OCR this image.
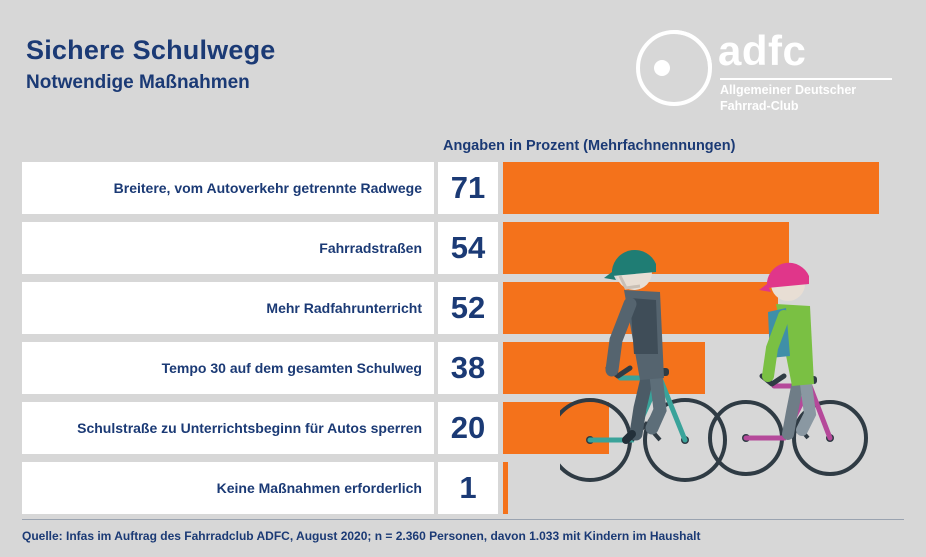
Sichere Schulwege
Notwendige Maßnahmen
adfc
Allgemeiner Deutscher Fahrrad-Club
Angaben in Prozent (Mehrfachnennungen)
Breitere, vom Autoverkehr getrennte Radwege 71
Fahrradstraßen 54
Mehr Radfahrunterricht 52
Tempo 30 auf dem gesamten Schulweg 38
Schulstraße zu Unterrichtsbeginn für Autos sperren 20
Keine Maßnahmen erforderlich	1
Quelle: Infas im Auftrag des Fahrradclub ADFC, August 2020; n = 2.360 Personen, davon 1.033 mit Kindern im Haushalt
